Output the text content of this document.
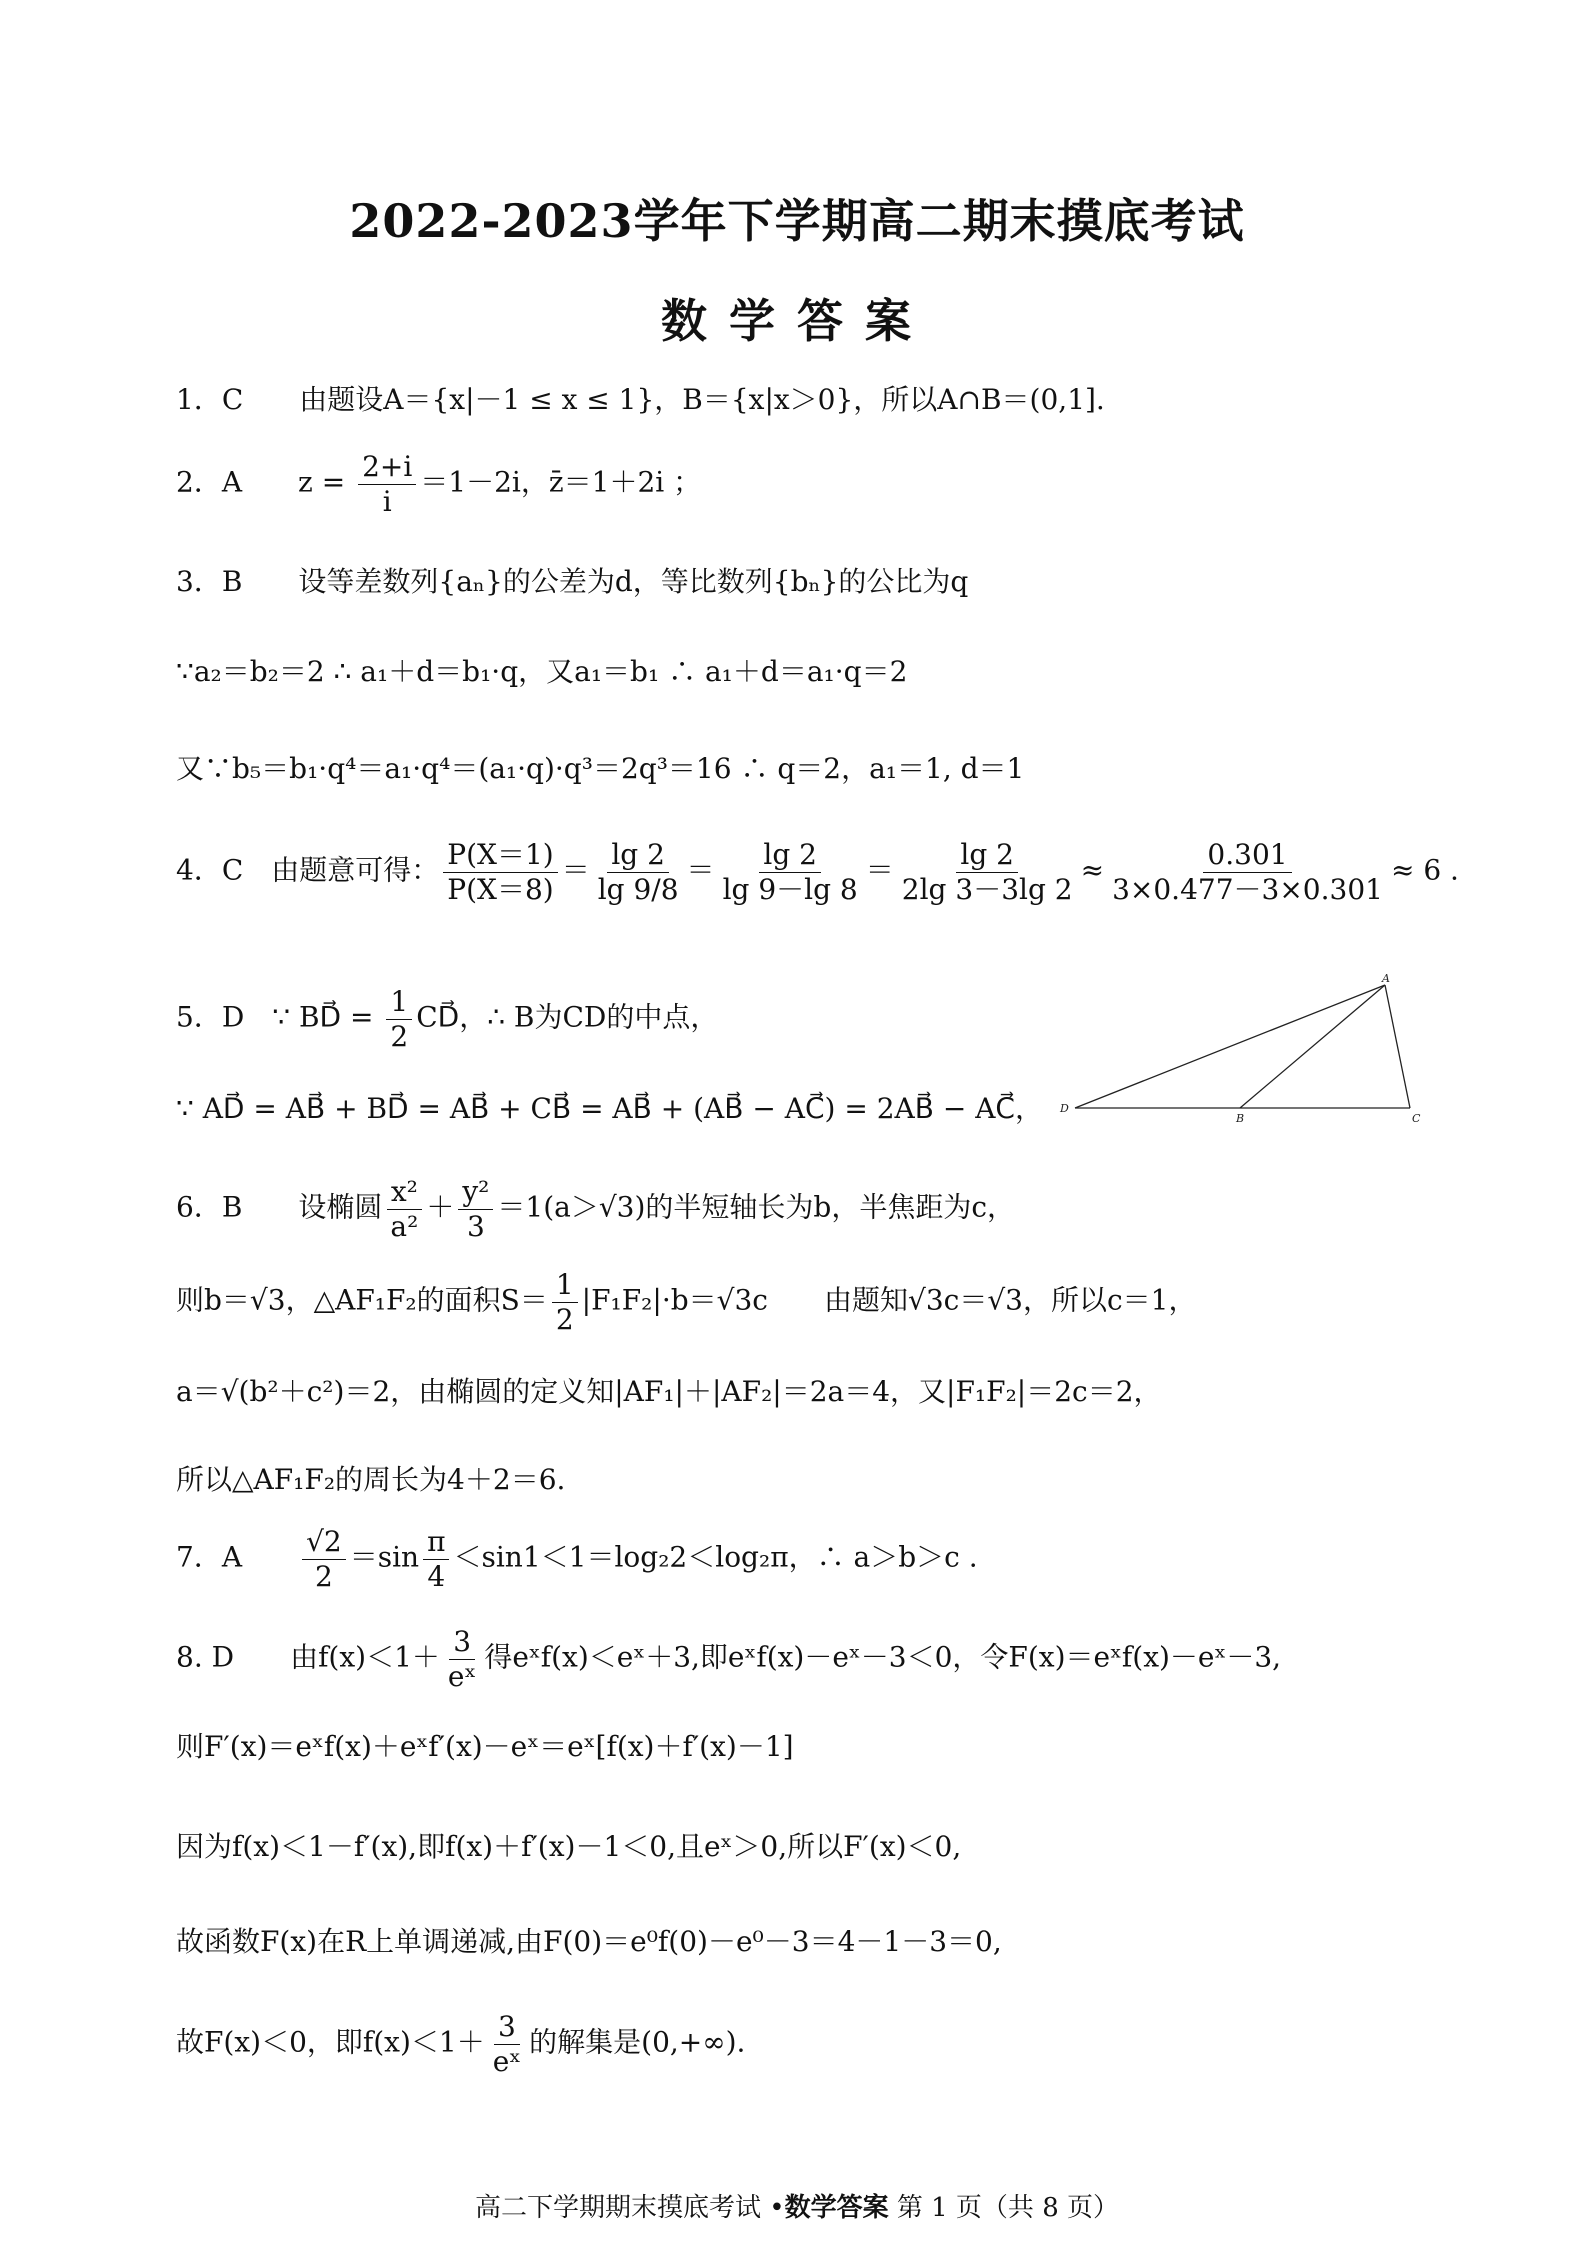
2022-2023学年下学期高二期末摸底考试
数学答案
1．C　　由题设A＝{x|－1 ≤ x ≤ 1}，B＝{x|x＞0}，所以A∩B＝(0,1].
2．A　　$z = \frac{2+i}{i} =1-2i$，z̄＝1＋2i ；
3．B　　设等差数列{aₙ}的公差为d，等比数列{bₙ}的公比为q
∵a₂＝b₂＝2 ∴ a₁＋d＝b₁·q，又a₁＝b₁ ∴ a₁＋d＝a₁·q＝2
又∵b₅＝b₁·q⁴＝a₁·q⁴＝(a₁·q)·q³＝2q³＝16 ∴ q＝2，a₁＝1, d＝1
4．C　由题意可得： $\frac{P(X=1)}{P(X=8)} = \frac{\lg 2}{\lg 9/8} = \frac{\lg 2}{\lg 9-\lg 8} = \frac{\lg 2}{2\lg 3-3\lg 2} \approx \frac{0.301}{3\times 0.477-3\times 0.301} \approx 6$ .
5．D　∵ BD⃗ = $\frac{1}{2}$ CD⃗，∴ B为CD的中点，
∵ AD⃗ = AB⃗ + BD⃗ = AB⃗ + CB⃗ = AB⃗ + (AB⃗ − AC⃗) = 2AB⃗ − AC⃗，
A
D
B	C
6．B　　设椭圆 $\frac{\text{x²}}{\text{a²}} + \frac{\text{y²}}{3} =1(a>√3)$的半短轴长为b，半焦距为c，
则b＝√3，△AF₁F₂的面积$S= \frac{1}{2} |F_1F_2|\cdot b=√3c$　　由题知√3c＝√3，所以c＝1，
a＝√(b²＋c²)＝2，由椭圆的定义知|AF₁|＋|AF₂|＝2a＝4，又|F₁F₂|＝2c＝2，
所以△AF₁F₂的周长为4＋2＝6.
7．A　　 $\frac{√2}{2} =\sin \frac{\pi}{4} <\sin 1<1=\log_22<\log_2\pi$，∴ a＞b＞c .
8. D　　由$f(x)<1+ \frac{3}{\text{eˣ}}$ 得eˣf(x)＜eˣ＋3,即eˣf(x)－eˣ－3＜0，令F(x)＝eˣf(x)－eˣ－3,
则F′(x)＝eˣf(x)＋eˣf′(x)－eˣ＝eˣ[f(x)＋f′(x)－1]
因为f(x)＜1－f′(x),即f(x)＋f′(x)－1＜0,且eˣ＞0,所以F′(x)＜0,
故函数F(x)在R上单调递减,由F(0)＝e⁰f(0)－e⁰－3＝4－1－3＝0,
故F(x)＜0，即$f(x)<1+ \frac{3}{\text{eˣ}}$ 的解集是(0,+∞).
高二下学期期末摸底考试 •数学答案 第 1 页（共 8 页）
